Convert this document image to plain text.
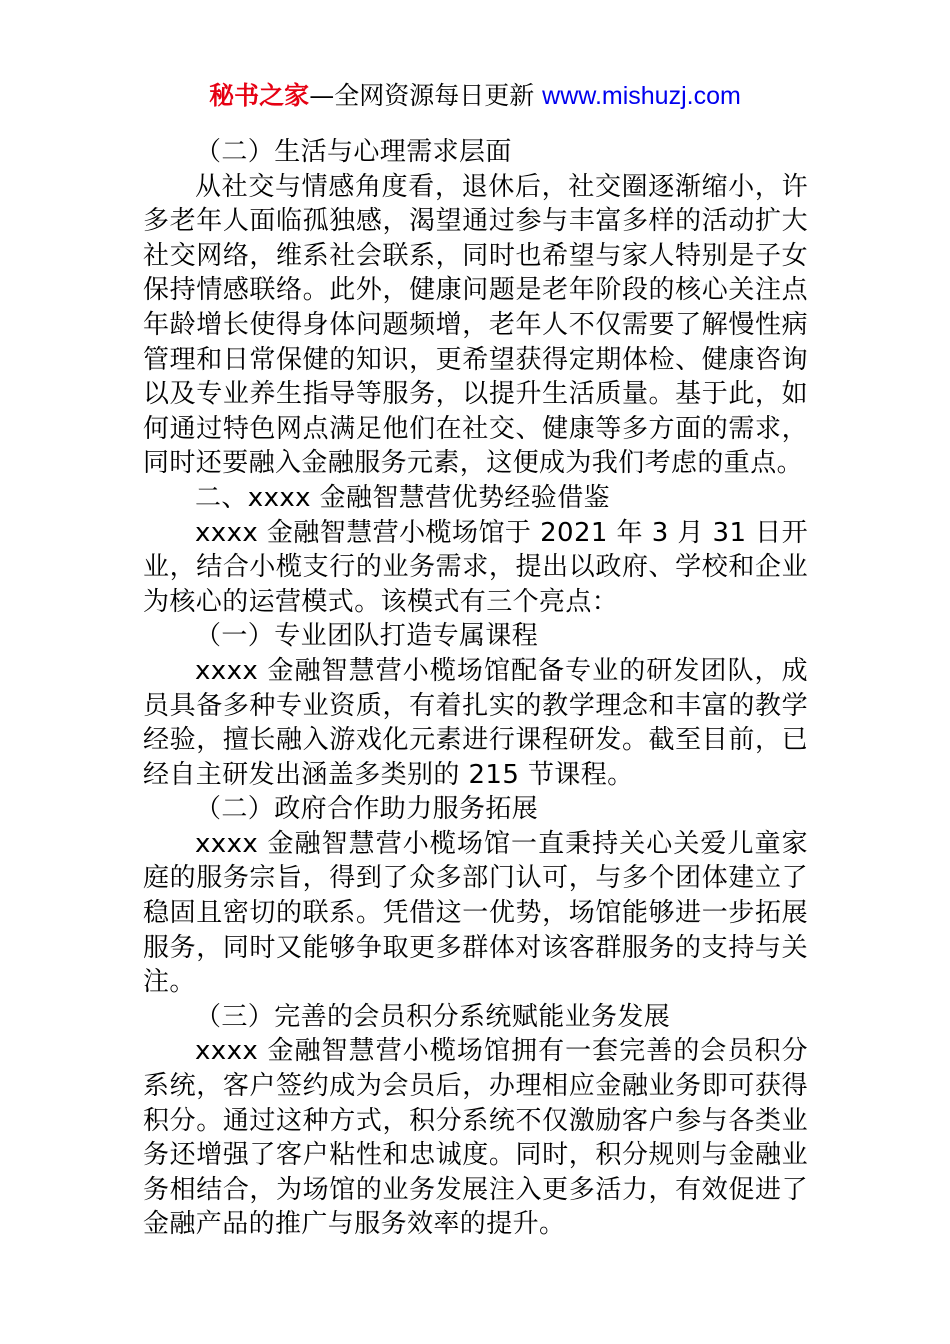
秘书之家—全网资源每日更新 www.mishuzj.com

（二）生活与心理需求层面

从社交与情感角度看，退休后，社交圈逐渐缩小，许多老年人面临孤独感，渴望通过参与丰富多样的活动扩大社交网络，维系社会联系，同时也希望与家人特别是子女保持情感联络。此外，健康问题是老年阶段的核心关注点年龄增长使得身体问题频增，老年人不仅需要了解慢性病管理和日常保健的知识，更希望获得定期体检、健康咨询以及专业养生指导等服务，以提升生活质量。基于此，如何通过特色网点满足他们在社交、健康等多方面的需求，同时还要融入金融服务元素，这便成为我们考虑的重点。

二、xxxx 金融智慧营优势经验借鉴

xxxx 金融智慧营小榄场馆于 2021 年 3 月 31 日开业，结合小榄支行的业务需求，提出以政府、学校和企业为核心的运营模式。该模式有三个亮点：

（一）专业团队打造专属课程

xxxx 金融智慧营小榄场馆配备专业的研发团队，成员具备多种专业资质，有着扎实的教学理念和丰富的教学经验，擅长融入游戏化元素进行课程研发。截至目前，已经自主研发出涵盖多类别的 215 节课程。

（二）政府合作助力服务拓展

xxxx 金融智慧营小榄场馆一直秉持关心关爱儿童家庭的服务宗旨，得到了众多部门认可，与多个团体建立了稳固且密切的联系。凭借这一优势，场馆能够进一步拓展服务，同时又能够争取更多群体对该客群服务的支持与关注。

（三）完善的会员积分系统赋能业务发展

xxxx 金融智慧营小榄场馆拥有一套完善的会员积分系统，客户签约成为会员后，办理相应金融业务即可获得积分。通过这种方式，积分系统不仅激励客户参与各类业务还增强了客户粘性和忠诚度。同时，积分规则与金融业务相结合，为场馆的业务发展注入更多活力，有效促进了金融产品的推广与服务效率的提升。
